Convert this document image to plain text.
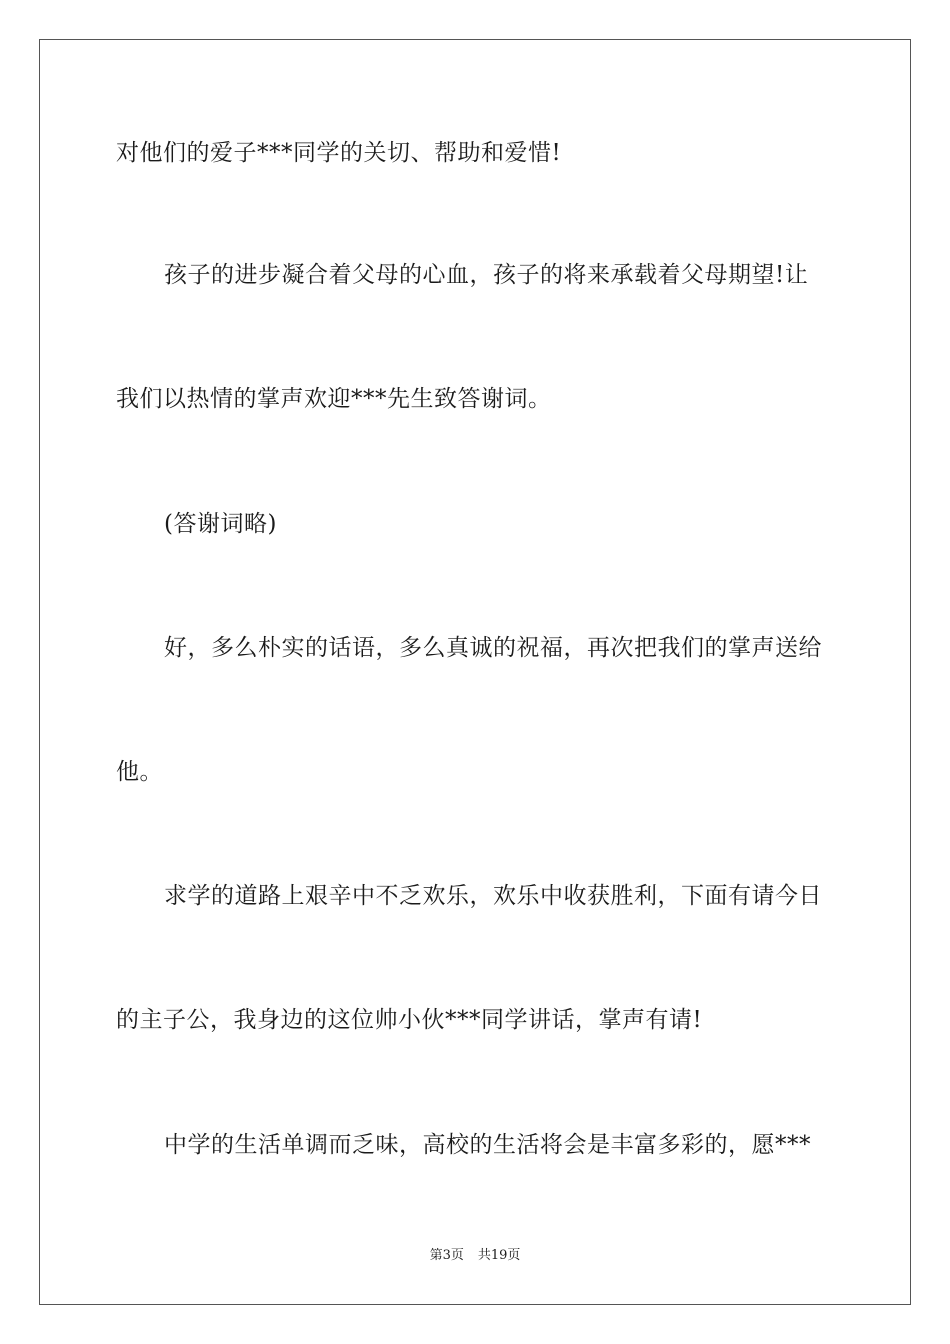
对他们的爱子***同学的关切、帮助和爱惜!
孩子的进步凝合着父母的心血，孩子的将来承载着父母期望!让
我们以热情的掌声欢迎***先生致答谢词。
(答谢词略)
好，多么朴实的话语，多么真诚的祝福，再次把我们的掌声送给
他。
求学的道路上艰辛中不乏欢乐，欢乐中收获胜利，下面有请今日
的主子公，我身边的这位帅小伙***同学讲话，掌声有请!
中学的生活单调而乏味，高校的生活将会是丰富多彩的，愿***
第3页 共19页
